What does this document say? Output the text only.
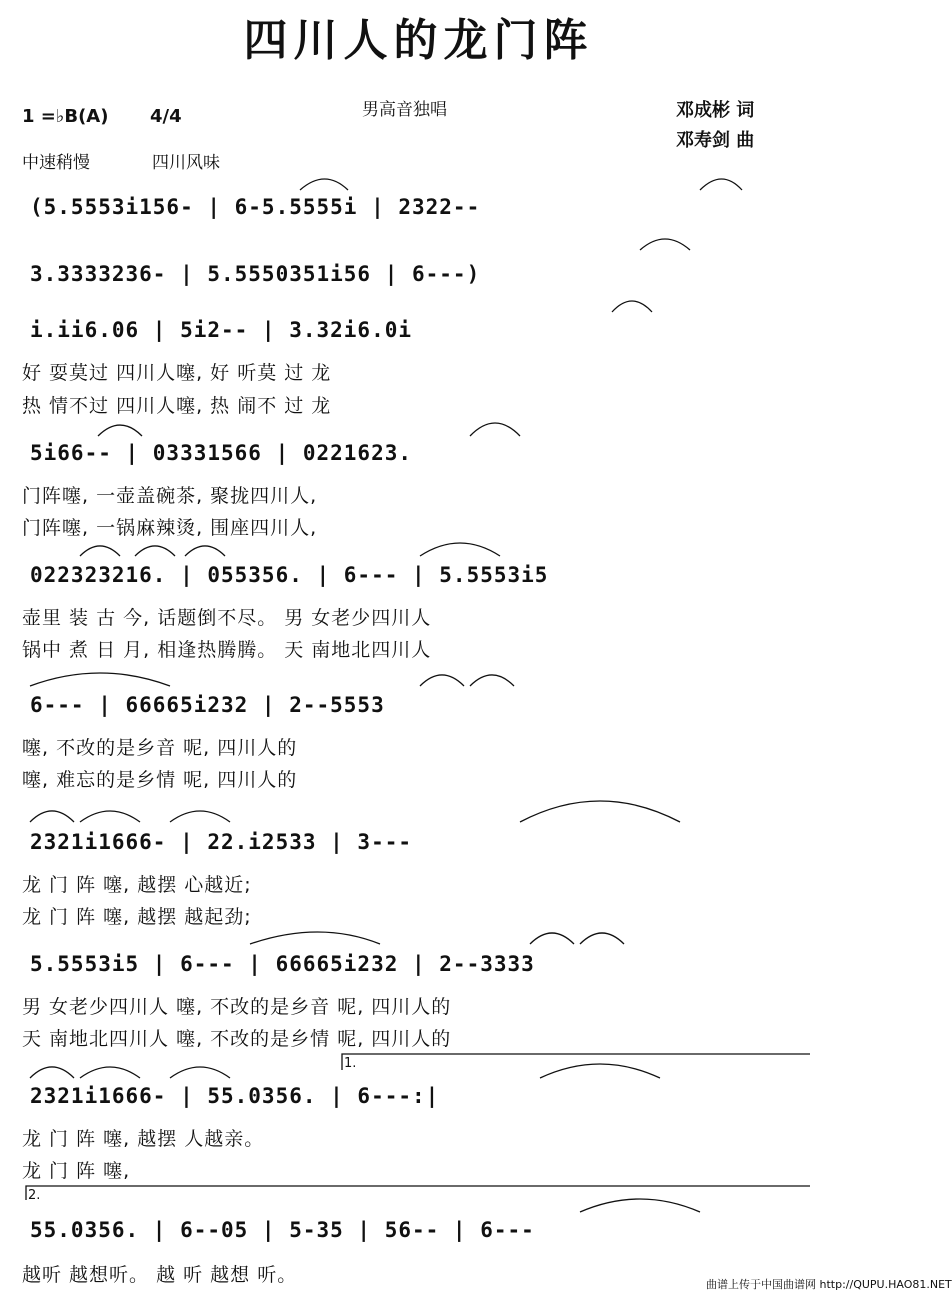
四川人的龙门阵
1 =♭B(A) 4/4
中速稍慢	四川风味
男高音独唱	邓成彬 词
邓寿剑 曲
(5.5553i156- | 6-5.5555i | 2322--
3.3333236- | 5.5550351i56 | 6---)
i.ii6.06 | 5i2-- | 3.32i6.0i
好 耍莫过 四川人噻, 好 听莫 过 龙
热 情不过 四川人噻, 热 闹不 过 龙
5i66-- | 03331566 | 0221623.
门阵噻, 一壶盖碗茶, 聚拢四川人,
门阵噻, 一锅麻辣烫, 围座四川人,
022323216. | 055356. | 6--- | 5.5553i5
壶里 装 古 今, 话题倒不尽。 男 女老少四川人
锅中 煮 日 月, 相逢热腾腾。 天 南地北四川人
6--- | 66665i232 | 2--5553
噻, 不改的是乡音 呢, 四川人的
噻, 难忘的是乡情 呢, 四川人的
2321i1666- | 22.i2533 | 3---
龙 门 阵 噻, 越摆 心越近;
龙 门 阵 噻, 越摆 越起劲;
5.5553i5 | 6--- | 66665i232 | 2--3333
男 女老少四川人 噻, 不改的是乡音 呢, 四川人的
天 南地北四川人 噻, 不改的是乡情 呢, 四川人的
1.
2321i1666- | 55.0356. | 6---:|
龙 门 阵 噻, 越摆 人越亲。
龙 门 阵 噻,
2.
55.0356. | 6--05 | 5-35 | 56-- | 6---
越听 越想听。 越 听 越想 听。	曲谱上传于中国曲谱网 http://QUPU.HAO81.NET
